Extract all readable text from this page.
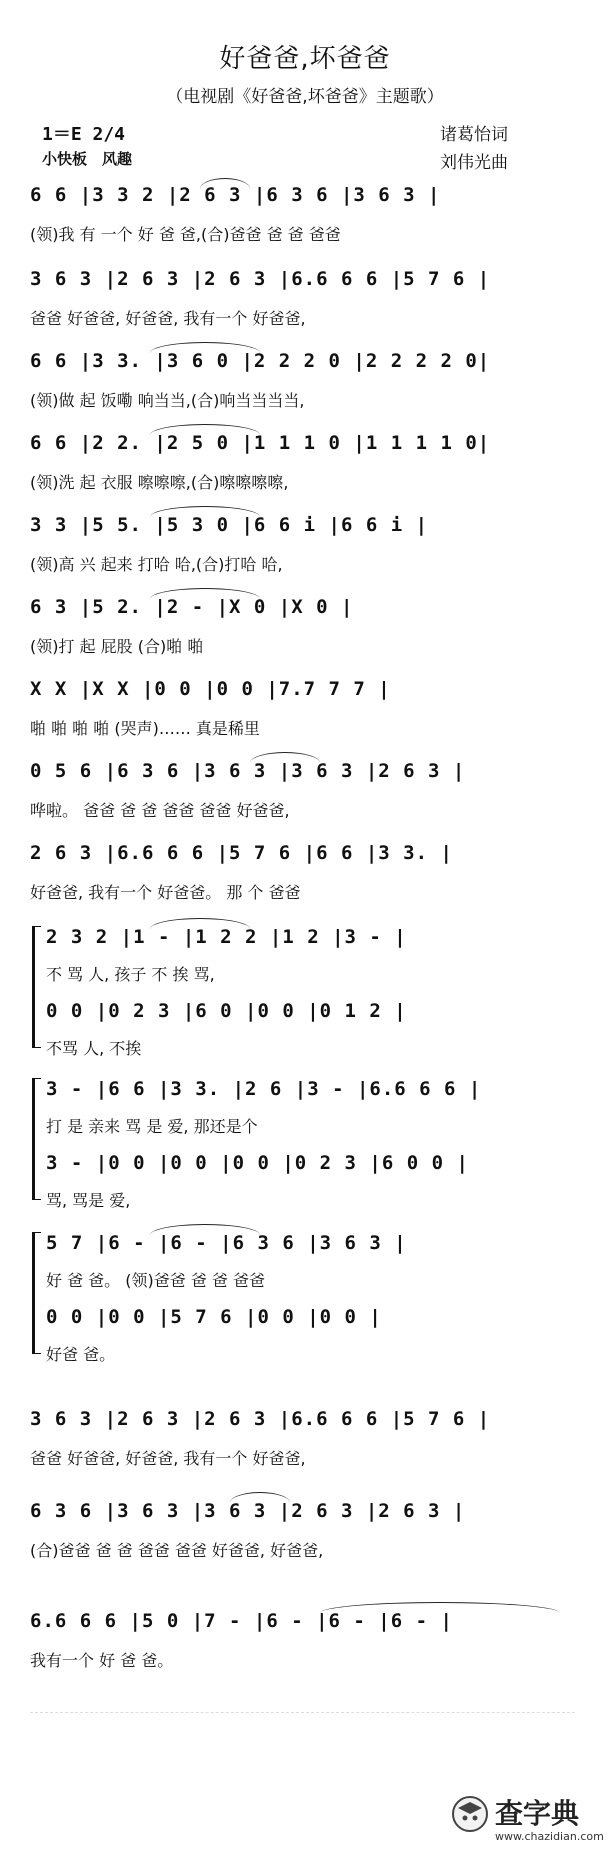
好爸爸,坏爸爸
（电视剧《好爸爸,坏爸爸》主题歌）
1＝E 2/4
小快板　风趣
诸葛怡词
刘伟光曲
6 6 |3 3 2 |2 6 3 |6 3 6 |3 6 3 |
(领)我 有 一个 好 爸 爸,(合)爸爸 爸 爸 爸爸
3 6 3 |2 6 3 |2 6 3 |6.6 6 6 |5 7 6 |
爸爸 好爸爸, 好爸爸, 我有一个 好爸爸,
6 6 |3 3. |3 6 0 |2 2 2 0 |2 2 2 2 0|
(领)做 起 饭嘞 响当当,(合)响当当当当,
6 6 |2 2. |2 5 0 |1 1 1 0 |1 1 1 1 0|
(领)洗 起 衣服 嚓嚓嚓,(合)嚓嚓嚓嚓,
3 3 |5 5. |5 3 0 |6 6 i |6 6 i |
(领)高 兴 起来 打哈 哈,(合)打哈 哈,
6 3 |5 2. |2 - |X 0 |X 0 |
(领)打 起 屁股 (合)啪 啪
X X |X X |0 0 |0 0 |7.7 7 7 |
啪 啪 啪 啪 (哭声)…… 真是稀里
0 5 6 |6 3 6 |3 6 3 |3 6 3 |2 6 3 |
哗啦。 爸爸 爸 爸 爸爸 爸爸 好爸爸,
2 6 3 |6.6 6 6 |5 7 6 |6 6 |3 3. |
好爸爸, 我有一个 好爸爸。 那 个 爸爸
2 3 2 |1 - |1 2 2 |1 2 |3 - |
不 骂 人, 孩子 不 挨 骂,
0 0 |0 2 3 |6 0 |0 0 |0 1 2 |
不骂 人, 不挨
3 - |6 6 |3 3. |2 6 |3 - |6.6 6 6 |
打 是 亲来 骂 是 爱, 那还是个
3 - |0 0 |0 0 |0 0 |0 2 3 |6 0 0 |
骂, 骂是 爱,
5 7 |6 - |6 - |6 3 6 |3 6 3 |
好 爸 爸。 (领)爸爸 爸 爸 爸爸
0 0 |0 0 |5 7 6 |0 0 |0 0 |
好爸 爸。
3 6 3 |2 6 3 |2 6 3 |6.6 6 6 |5 7 6 |
爸爸 好爸爸, 好爸爸, 我有一个 好爸爸,
6 3 6 |3 6 3 |3 6 3 |2 6 3 |2 6 3 |
(合)爸爸 爸 爸 爸爸 爸爸 好爸爸, 好爸爸,
6.6 6 6 |5 0 |7 - |6 - |6 - |6 - |
我有一个 好 爸 爸。
查字典
www.chazidian.com
